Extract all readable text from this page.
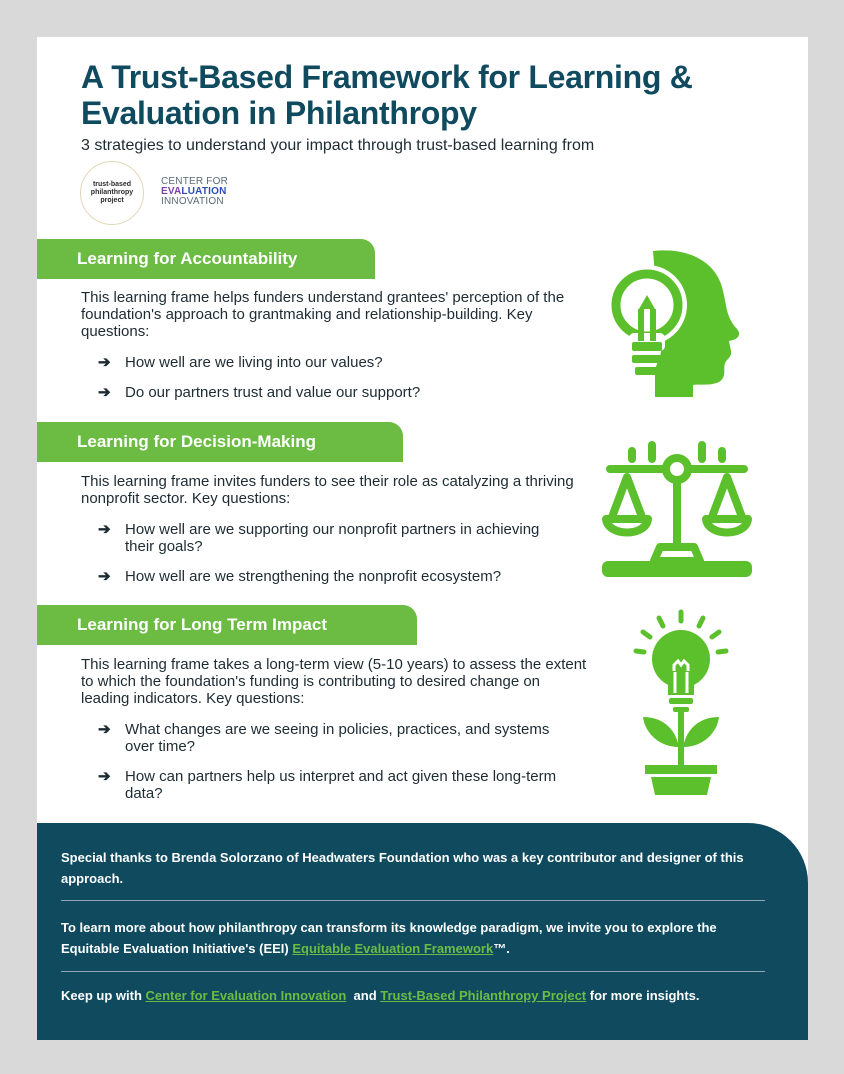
A Trust-Based Framework for Learning & Evaluation in Philanthropy

3 strategies to understand your impact through trust-based learning from

trust-based philanthropy project
CENTER FOR
EVALUATION
INNOVATION
Learning for Accountability

This learning frame helps funders understand grantees' perception of the foundation's approach to grantmaking and relationship-building. Key questions:

➔ How well are we living into our values?
➔ Do our partners trust and value our support?
Learning for Decision-Making

This learning frame invites funders to see their role as catalyzing a thriving nonprofit sector. Key questions:

➔ How well are we supporting our nonprofit partners in achieving their goals?
➔ How well are we strengthening the nonprofit ecosystem?
Learning for Long Term Impact

This learning frame takes a long-term view (5-10 years) to assess the extent to which the foundation's funding is contributing to desired change on leading indicators. Key questions:

➔ What changes are we seeing in policies, practices, and systems over time?
➔ How can partners help us interpret and act given these long-term data?

Special thanks to Brenda Solorzano of Headwaters Foundation who was a key contributor and designer of this approach.

To learn more about how philanthropy can transform its knowledge paradigm, we invite you to explore the Equitable Evaluation Initiative's (EEI) Equitable Evaluation Framework™.

Keep up with Center for Evaluation Innovation  and Trust-Based Philanthropy Project for more insights.
